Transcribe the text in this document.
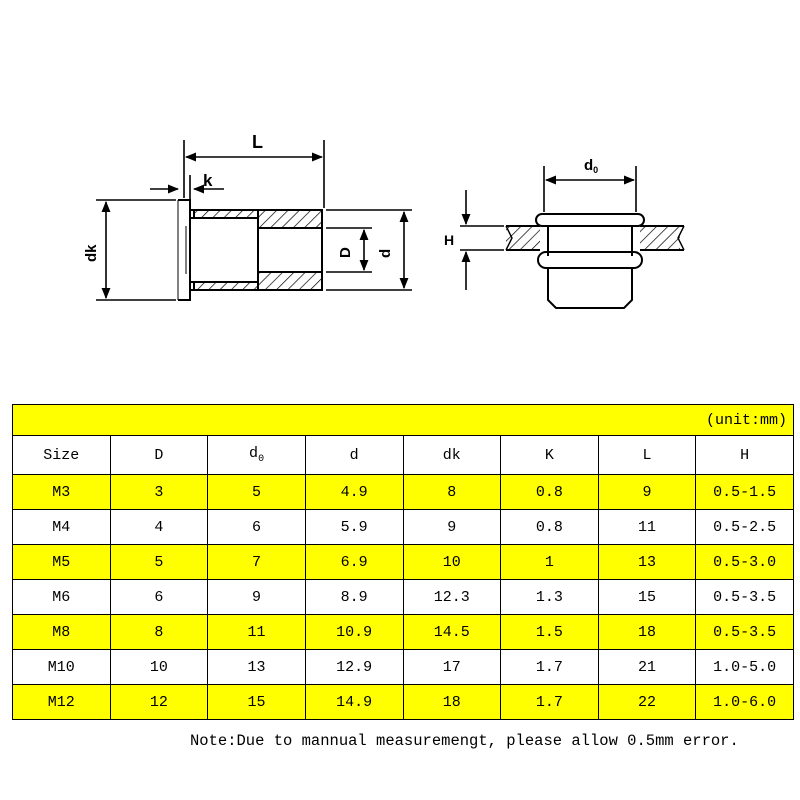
L
k
dk	D d
$d_0$
H
(unit:mm)							
Size	D	$d_0$	d	dk	K	L	H
M3	3	5	4.9	8	0.8	9	0.5-1.5
M4	4	6	5.9	9	0.8	11	0.5-2.5
M5	5	7	6.9	10	1	13	0.5-3.0
M6	6	9	8.9	12.3	1.3	15	0.5-3.5
M8	8	11	10.9	14.5	1.5	18	0.5-3.5
M10	10	13	12.9	17	1.7	21	1.0-5.0
M12	12	15	14.9	18	1.7	22	1.0-6.0
Note:Due to mannual measuremengt, please allow 0.5mm error.
